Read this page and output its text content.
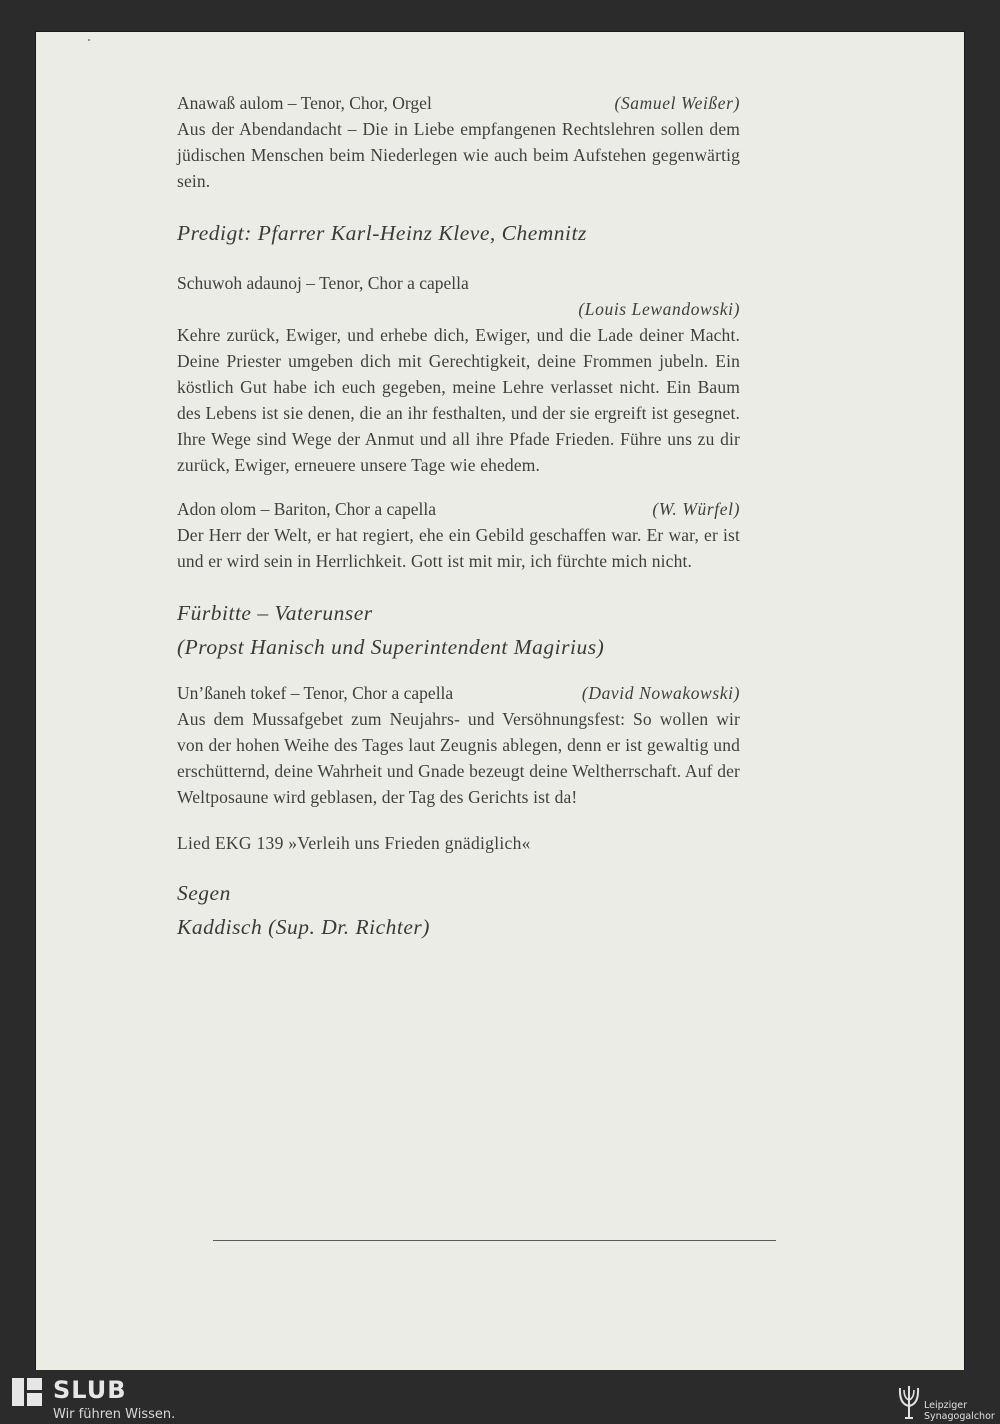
Anawaß aulom – Tenor, Chor, Orgel	(Samuel Weißer)
Aus der Abendandacht – Die in Liebe empfangenen Rechtslehren sollen dem jüdischen Menschen beim Niederlegen wie auch beim Aufstehen gegenwärtig sein.
Predigt: Pfarrer Karl-Heinz Kleve, Chemnitz
Schuwoh adaunoj – Tenor, Chor a capella
(Louis Lewandowski)
Kehre zurück, Ewiger, und erhebe dich, Ewiger, und die Lade deiner Macht. Deine Priester umgeben dich mit Gerechtigkeit, deine Frommen jubeln. Ein köstlich Gut habe ich euch gegeben, meine Lehre verlasset nicht. Ein Baum des Lebens ist sie denen, die an ihr festhalten, und der sie ergreift ist gesegnet. Ihre Wege sind Wege der Anmut und all ihre Pfade Frieden. Führe uns zu dir zurück, Ewiger, erneuere unsere Tage wie ehedem.
Adon olom – Bariton, Chor a capella	(W. Würfel)
Der Herr der Welt, er hat regiert, ehe ein Gebild geschaffen war. Er war, er ist und er wird sein in Herrlichkeit. Gott ist mit mir, ich fürchte mich nicht.
Fürbitte – Vaterunser
(Propst Hanisch und Superintendent Magirius)
Un’ßaneh tokef – Tenor, Chor a capella	(David Nowakowski)
Aus dem Mussafgebet zum Neujahrs- und Versöhnungsfest: So wollen wir von der hohen Weihe des Tages laut Zeugnis ablegen, denn er ist gewaltig und erschütternd, deine Wahrheit und Gnade bezeugt deine Weltherrschaft. Auf der Weltposaune wird geblasen, der Tag des Gerichts ist da!
Lied EKG 139 »Verleih uns Frieden gnädiglich«
Segen
Kaddisch (Sup. Dr. Richter)
SLUB
Wir führen Wissen.
Leipziger
Synagogalchor
